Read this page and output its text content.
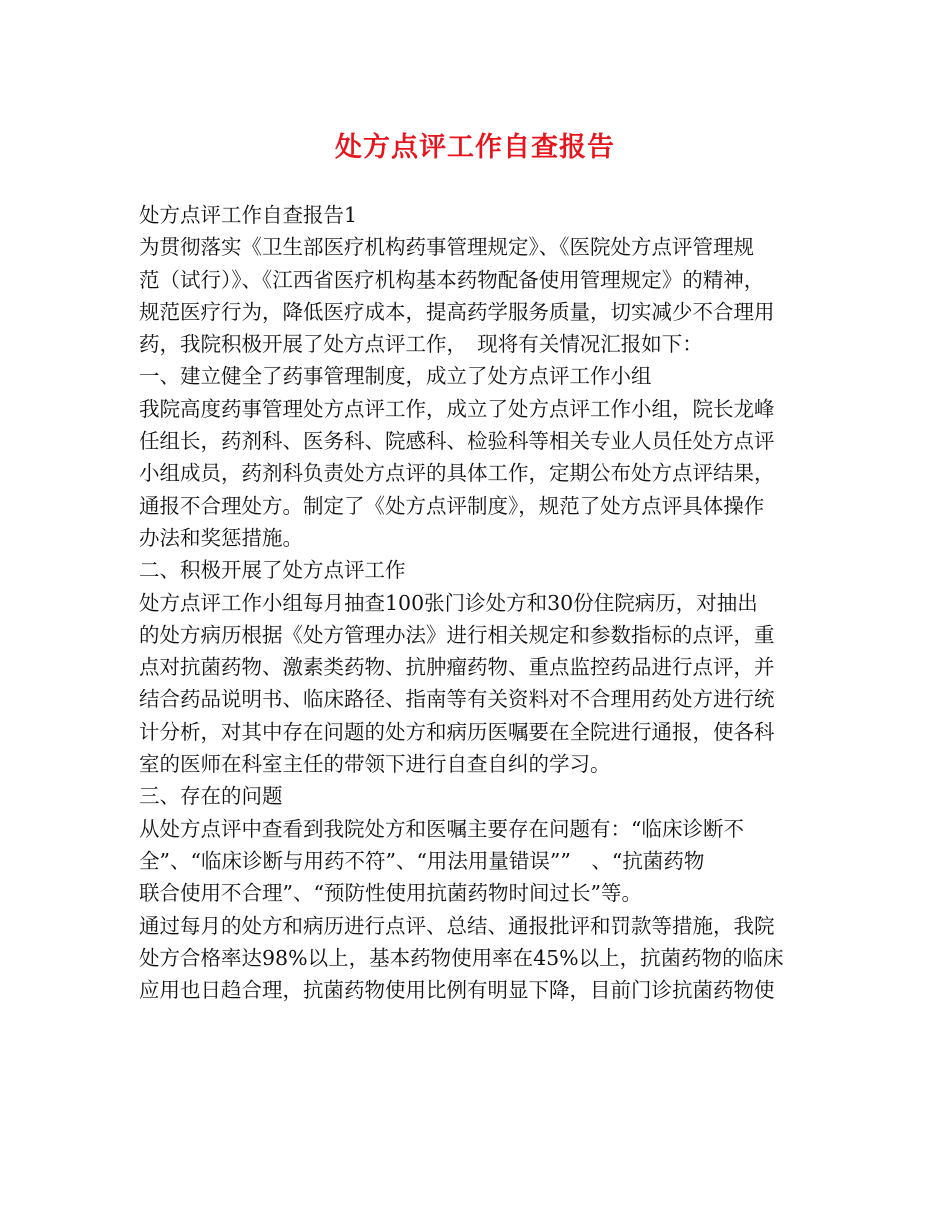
处方点评工作自查报告
处方点评工作自查报告1
为贯彻落实《卫生部医疗机构药事管理规定》、《医院处方点评管理规
范（试行）》、《江西省医疗机构基本药物配备使用管理规定》的精神，
规范医疗行为，降低医疗成本，提高药学服务质量，切实减少不合理用
药，我院积极开展了处方点评工作，　现将有关情况汇报如下：
一、建立健全了药事管理制度，成立了处方点评工作小组
我院高度药事管理处方点评工作，成立了处方点评工作小组，院长龙峰
任组长，药剂科、医务科、院感科、检验科等相关专业人员任处方点评
小组成员，药剂科负责处方点评的具体工作，定期公布处方点评结果，
通报不合理处方。制定了《处方点评制度》，规范了处方点评具体操作
办法和奖惩措施。
二、积极开展了处方点评工作
处方点评工作小组每月抽查100张门诊处方和30份住院病历，对抽出
的处方病历根据《处方管理办法》进行相关规定和参数指标的点评，重
点对抗菌药物、激素类药物、抗肿瘤药物、重点监控药品进行点评，并
结合药品说明书、临床路径、指南等有关资料对不合理用药处方进行统
计分析，对其中存在问题的处方和病历医嘱要在全院进行通报，使各科
室的医师在科室主任的带领下进行自查自纠的学习。
三、存在的问题
从处方点评中查看到我院处方和医嘱主要存在问题有：“临床诊断不
全”、“临床诊断与用药不符”、“用法用量错误””　、“抗菌药物
联合使用不合理”、“预防性使用抗菌药物时间过长”等。
通过每月的处方和病历进行点评、总结、通报批评和罚款等措施，我院
处方合格率达98%以上，基本药物使用率在45%以上，抗菌药物的临床
应用也日趋合理，抗菌药物使用比例有明显下降，目前门诊抗菌药物使
